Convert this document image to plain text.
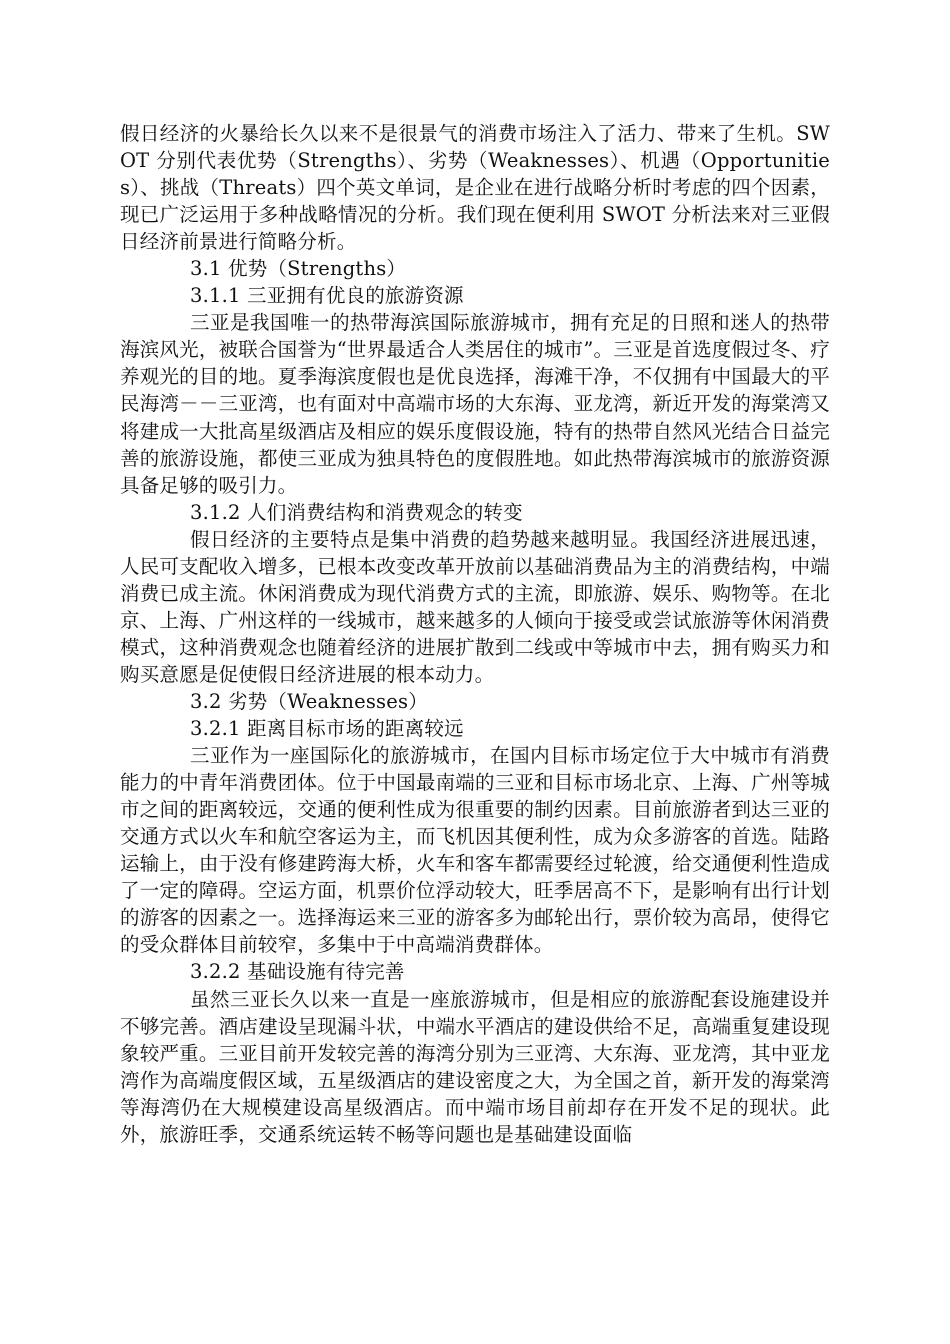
假日经济的火暴给长久以来不是很景气的消费市场注入了活力、带来了生机。SWOT 分别代表优势（Strengths）、劣势（Weaknesses）、机遇（Opportunities）、挑战（Threats）四个英文单词，是企业在进行战略分析时考虑的四个因素，现已广泛运用于多种战略情况的分析。我们现在便利用 SWOT 分析法来对三亚假日经济前景进行简略分析。

3.1 优势（Strengths）

3.1.1 三亚拥有优良的旅游资源

三亚是我国唯一的热带海滨国际旅游城市，拥有充足的日照和迷人的热带海滨风光，被联合国誉为“世界最适合人类居住的城市”。三亚是首选度假过冬、疗养观光的目的地。夏季海滨度假也是优良选择，海滩干净，不仅拥有中国最大的平民海湾－－三亚湾，也有面对中高端市场的大东海、亚龙湾，新近开发的海棠湾又将建成一大批高星级酒店及相应的娱乐度假设施，特有的热带自然风光结合日益完善的旅游设施，都使三亚成为独具特色的度假胜地。如此热带海滨城市的旅游资源具备足够的吸引力。

3.1.2 人们消费结构和消费观念的转变

假日经济的主要特点是集中消费的趋势越来越明显。我国经济进展迅速，人民可支配收入增多，已根本改变改革开放前以基础消费品为主的消费结构，中端消费已成主流。休闲消费成为现代消费方式的主流，即旅游、娱乐、购物等。在北京、上海、广州这样的一线城市，越来越多的人倾向于接受或尝试旅游等休闲消费模式，这种消费观念也随着经济的进展扩散到二线或中等城市中去，拥有购买力和购买意愿是促使假日经济进展的根本动力。

3.2 劣势（Weaknesses）

3.2.1 距离目标市场的距离较远

三亚作为一座国际化的旅游城市，在国内目标市场定位于大中城市有消费能力的中青年消费团体。位于中国最南端的三亚和目标市场北京、上海、广州等城市之间的距离较远，交通的便利性成为很重要的制约因素。目前旅游者到达三亚的交通方式以火车和航空客运为主，而飞机因其便利性，成为众多游客的首选。陆路运输上，由于没有修建跨海大桥，火车和客车都需要经过轮渡，给交通便利性造成了一定的障碍。空运方面，机票价位浮动较大，旺季居高不下，是影响有出行计划的游客的因素之一。选择海运来三亚的游客多为邮轮出行，票价较为高昂，使得它的受众群体目前较窄，多集中于中高端消费群体。

3.2.2 基础设施有待完善

虽然三亚长久以来一直是一座旅游城市，但是相应的旅游配套设施建设并不够完善。酒店建设呈现漏斗状，中端水平酒店的建设供给不足，高端重复建设现象较严重。三亚目前开发较完善的海湾分别为三亚湾、大东海、亚龙湾，其中亚龙湾作为高端度假区域，五星级酒店的建设密度之大，为全国之首，新开发的海棠湾等海湾仍在大规模建设高星级酒店。而中端市场目前却存在开发不足的现状。此外，旅游旺季，交通系统运转不畅等问题也是基础建设面临
